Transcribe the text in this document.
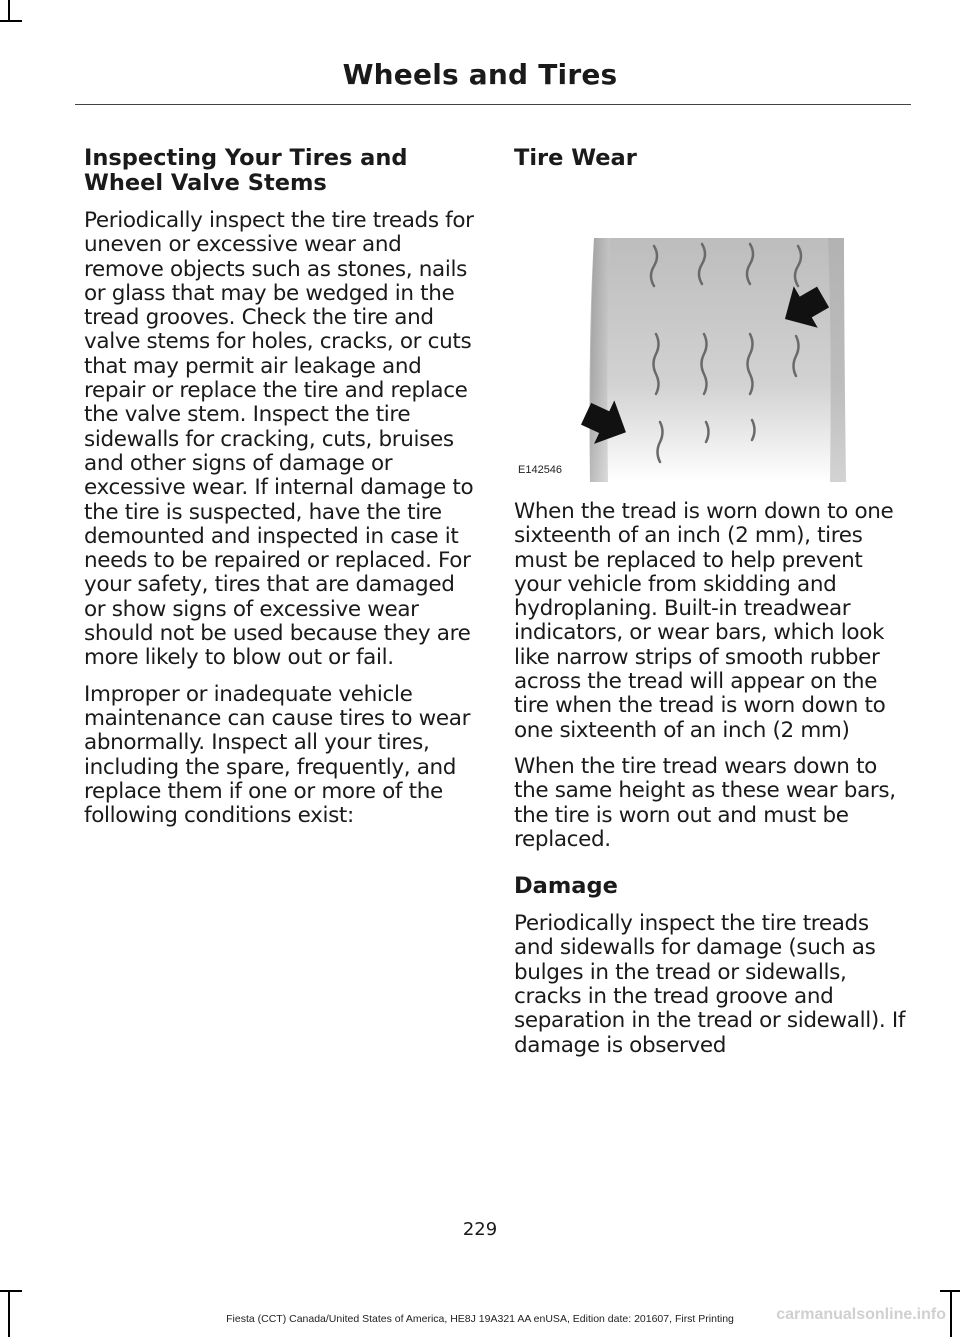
Wheels and Tires
Inspecting Your Tires and Wheel Valve Stems

Periodically inspect the tire treads for uneven or excessive wear and remove objects such as stones, nails or glass that may be wedged in the tread grooves. Check the tire and valve stems for holes, cracks, or cuts that may permit air leakage and repair or replace the tire and replace the valve stem. Inspect the tire sidewalls for cracking, cuts, bruises and other signs of damage or excessive wear. If internal damage to the tire is suspected, have the tire demounted and inspected in case it needs to be repaired or replaced. For your safety, tires that are damaged or show signs of excessive wear should not be used because they are more likely to blow out or fail.

Improper or inadequate vehicle maintenance can cause tires to wear abnormally. Inspect all your tires, including the spare, frequently, and replace them if one or more of the following conditions exist:

Tire Wear
E142546

When the tread is worn down to one sixteenth of an inch (2 mm), tires must be replaced to help prevent your vehicle from skidding and hydroplaning. Built-in treadwear indicators, or wear bars, which look like narrow strips of smooth rubber across the tread will appear on the tire when the tread is worn down to one sixteenth of an inch (2 mm)

When the tire tread wears down to the same height as these wear bars, the tire is worn out and must be replaced.

Damage

Periodically inspect the tire treads and sidewalls for damage (such as bulges in the tread or sidewalls, cracks in the tread groove and separation in the tread or sidewall). If damage is observed

229
Fiesta (CCT) Canada/United States of America, HE8J 19A321 AA enUSA, Edition date: 201607, First Printing	carmanualsonline.info
